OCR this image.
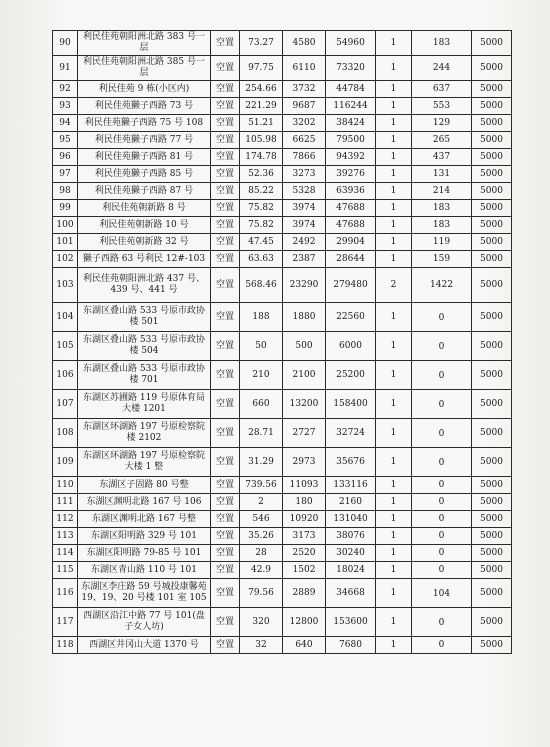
90	利民佳苑朝阳洲北路 383 号一层	空置	73.27	4580	54960	1	183	5000
91	利民佳苑朝阳洲北路 385 号一层	空置	97.75	6110	73320	1	244	5000
92	利民佳苑 9 栋(小区内)	空置	254.66	3732	44784	1	637	5000
93	利民佳苑獭子西路 73 号	空置	221.29	9687	116244	1	553	5000
94	利民佳苑獭子西路 75 号 108	空置	51.21	3202	38424	1	129	5000
95	利民佳苑獭子西路 77 号	空置	105.98	6625	79500	1	265	5000
96	利民佳苑獭子西路 81 号	空置	174.78	7866	94392	1	437	5000
97	利民佳苑獭子西路 85 号	空置	52.36	3273	39276	1	131	5000
98	利民佳苑獭子西路 87 号	空置	85.22	5328	63936	1	214	5000
99	利民佳苑朝新路 8 号	空置	75.82	3974	47688	1	183	5000
100	利民佳苑朝新路 10 号	空置	75.82	3974	47688	1	183	5000
101	利民佳苑朝新路 32 号	空置	47.45	2492	29904	1	119	5000
102	獭子西路 63 号利民 12#-103	空置	63.63	2387	28644	1	159	5000
103	利民佳苑朝阳洲北路 437 号、439 号、441 号	空置	568.46	23290	279480	2	1422	5000
104	东湖区叠山路 533 号原市政协楼 501	空置	188	1880	22560	1	0	5000
105	东湖区叠山路 533 号原市政协楼 504	空置	50	500	6000	1	0	5000
106	东湖区叠山路 533 号原市政协楼 701	空置	210	2100	25200	1	0	5000
107	东湖区苏圃路 119 号原体育局大楼 1201	空置	660	13200	158400	1	0	5000
108	东湖区环湖路 197 号原检察院楼 2102	空置	28.71	2727	32724	1	0	5000
109	东湖区环湖路 197 号原检察院大楼 1 整	空置	31.29	2973	35676	1	0	5000
110	东湖区子固路 80 号整	空置	739.56	11093	133116	1	0	5000
111	东湖区渊明北路 167 号 106	空置	2	180	2160	1	0	5000
112	东湖区渊明北路 167 号整	空置	546	10920	131040	1	0	5000
113	东湖区阳明路 329 号 101	空置	35.26	3173	38076	1	0	5000
114	东湖区阳明路 79-85 号 101	空置	28	2520	30240	1	0	5000
115	东湖区青山路 110 号 101	空置	42.9	1502	18024	1	0	5000
116	东湖区李庄路 59 号城投康馨苑 19、19、20 号楼 101 室 105	空置	79.56	2889	34668	1	104	5000
117	西湖区沿江中路 77 号 101(盘子女人坊)	空置	320	12800	153600	1	0	5000
118	西湖区井冈山大道 1370 号	空置	32	640	7680	1	0	5000
